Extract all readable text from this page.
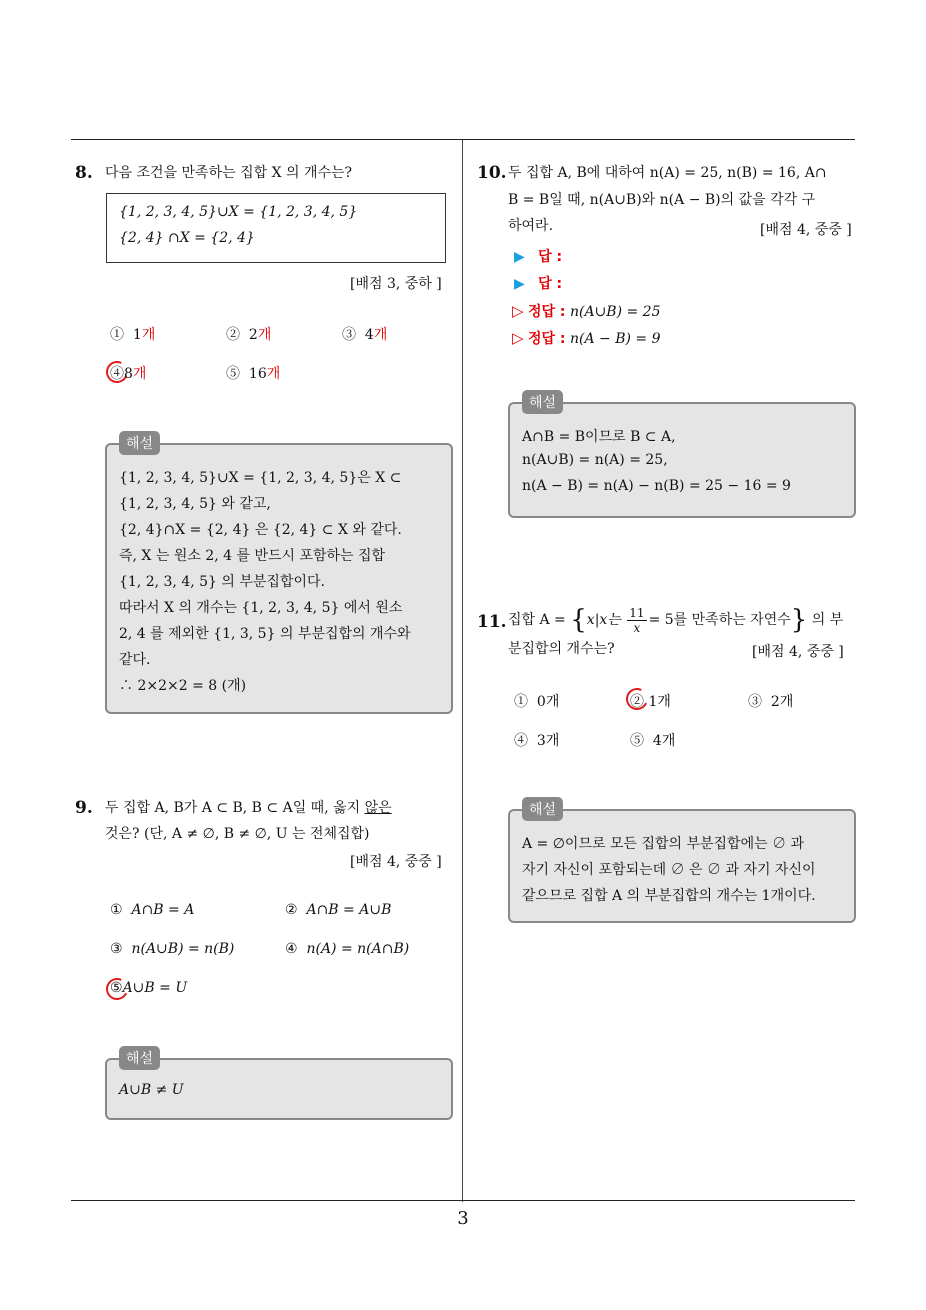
3
8. 다음 조건을 만족하는 집합 X 의 개수는?
{1, 2, 3, 4, 5}∪X = {1, 2, 3, 4, 5}
{2, 4} ∩X = {2, 4}
[배점 3, 중하 ]
① 1개	② 2개	③ 4개
④8개	⑤ 16개
{1, 2, 3, 4, 5}∪X = {1, 2, 3, 4, 5}은 X ⊂
{1, 2, 3, 4, 5} 와 같고,
{2, 4}∩X = {2, 4} 은 {2, 4} ⊂ X 와 같다.
즉, X 는 원소 2, 4 를 반드시 포함하는 집합
{1, 2, 3, 4, 5} 의 부분집합이다.
따라서 X 의 개수는 {1, 2, 3, 4, 5} 에서 원소
2, 4 를 제외한 {1, 3, 5} 의 부분집합의 개수와
같다.
∴ 2×2×2 = 8 (개)
해설
9. 두 집합 A, B가 A ⊂ B, B ⊂ A일 때, 옳지 않은
것은? (단, A ≠ ∅, B ≠ ∅, U 는 전체집합)
[배점 4, 중중 ]
① A∩B = A	② A∩B = A∪B
③ n(A∪B) = n(B)	④ n(A) = n(A∩B)
⑤A∪B = U
A∪B ≠ U
해설
10. 두 집합 A, B에 대하여 n(A) = 25, n(B) = 16, A∩
B = B일 때, n(A∪B)와 n(A − B)의 값을 각각 구
하여라.	[배점 4, 중중 ]
▶ 답 :
▶ 답 :
▷ 정답 : n(A∪B) = 25
▷ 정답 : n(A − B) = 9
A∩B = B이므로 B ⊂ A,
n(A∪B) = n(A) = 25,
n(A − B) = n(A) − n(B) = 25 − 16 = 9
해설
11. 집합 A = {x|x는 $\frac{11}{x} = 5$를 만족하는 자연수} 의 부
분집합의 개수는?	[배점 4, 중중 ]
① 0개	② 1개	③ 2개
④ 3개	⑤ 4개
A = ∅이므로 모든 집합의 부분집합에는 ∅ 과
자기 자신이 포함되는데 ∅ 은 ∅ 과 자기 자신이
같으므로 집합 A 의 부분집합의 개수는 1개이다.
해설
